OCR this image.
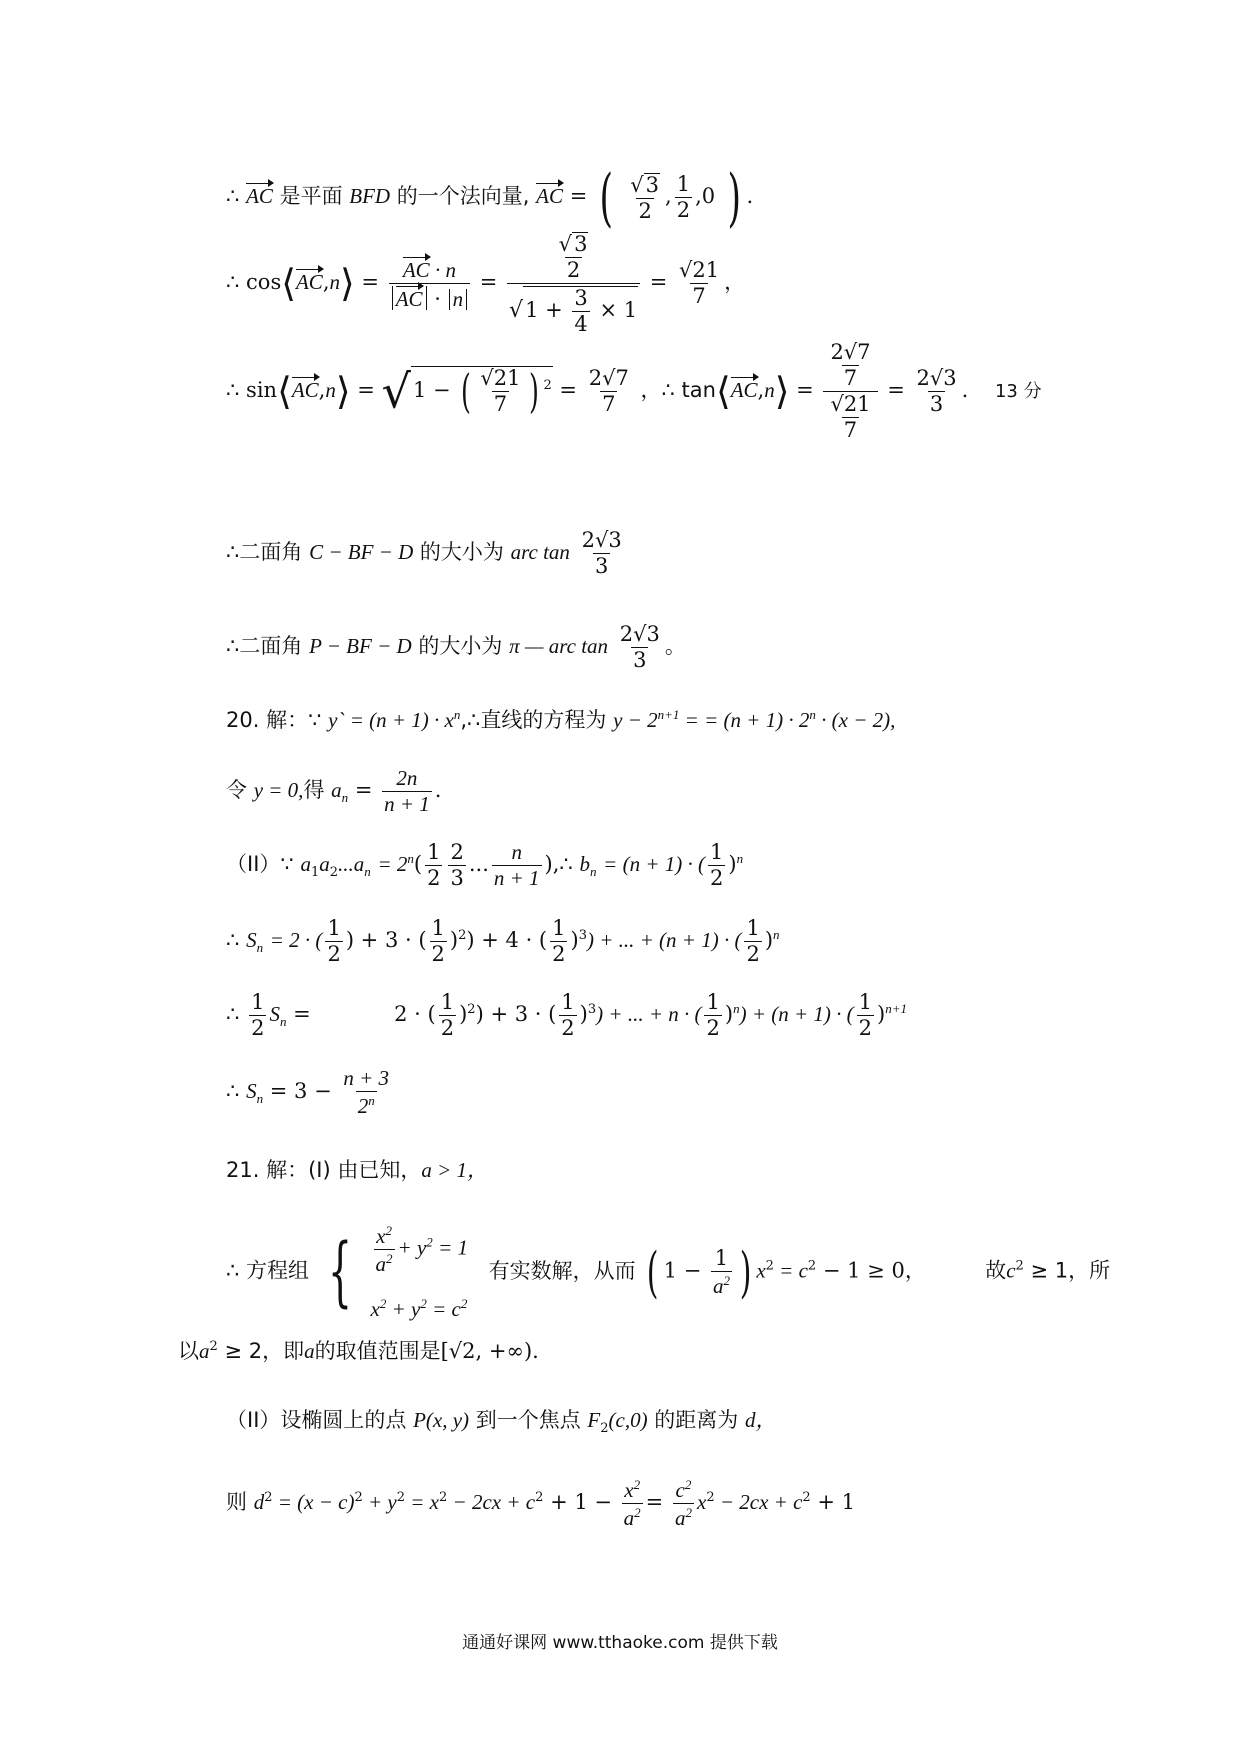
∴ AC 是平面 BFD 的一个法向量, AC = ( $\frac{√3}{2}$ , $\frac{1}{2} ,0$ ) .
∴ cos⟨AC,n⟩ = $\frac{AC \cdot n}{AC \cdot n} = \frac{\frac{√3}{2}}{√1 + \frac{3}{4} \times 1} = \frac{√21}{7}$ ，
∴ sin⟨AC,n⟩ = √1 − ( $\frac{√21}{7}$ ) $^2 = \frac{2√7}{7}$ ，∴ tan⟨AC,n⟩ = $\frac{\frac{2√7}{7}}{\frac{√21}{7}} = \frac{2√3}{3}$ . 13 分
∴二面角 C − BF − D 的大小为 arc $\tan \frac{2√3}{3}$
∴二面角 P − BF − D 的大小为 π — arc $\tan \frac{2√3}{3}$ 。
20. 解：∵ y` = $(n + 1) \cdot x^n,\therefore$直线的方程为 $y - 2^{n+1}$ = = $(n + 1) \cdot 2^n \cdot (x - 2)$,
令 y = 0,得 $a_n = \frac{2n}{n + 1}$ .
（II）∵ $a_1a_2...a_n = 2^n( \frac{1}{2} \frac{2}{3}$ ... $\frac{n}{n + 1}$ ),∴ $b_n = (n + 1)$ · ( $\frac{1}{2} )^n$
∴ $S_n = 2$ · ( $\frac{1}{2}$ ) + 3 · ( $\frac{1}{2} )^2) + 4$ · ( $\frac{1}{2} )^3$) + ... + (n + 1) · ( $\frac{1}{2} )^n$
∴ $\frac{1}{2} S_n$ =	2 · ( $\frac{1}{2} )^2) + 3$ · ( $\frac{1}{2} )^3$) + ... + n · ( $\frac{1}{2} )^n) + (n + 1)$ · ( $\frac{1}{2} )^{n+1}$
∴ $S_n = 3 - \frac{n + 3}{2^n}$
21. 解：(I) 由已知，a > 1，
∴ 方程组 { $\frac{x^2}{a^2} + y^2 = 1$
$x^2 + y^2 = c^2$
有实数解，从而 ( $1 - \frac{1}{a^2}$ ) $x^2 = c^2 - 1 \ge 0$，	故$c^2 \ge 1$，所
以$a^2 \ge 2$，即a的取值范围是[√2, +∞).
（II）设椭圆上的点 P(x, y) 到一个焦点 $F_2(c,0)$ 的距离为 d，
则 $d^2 = (x - c)^2 + y^2 = x^2 - 2cx + c^2 + 1 - \frac{x^2}{a^2} = \frac{c^2}{a^2} x^2 - 2cx + c^2 + 1$
通通好课网 www.tthaoke.com 提供下载
